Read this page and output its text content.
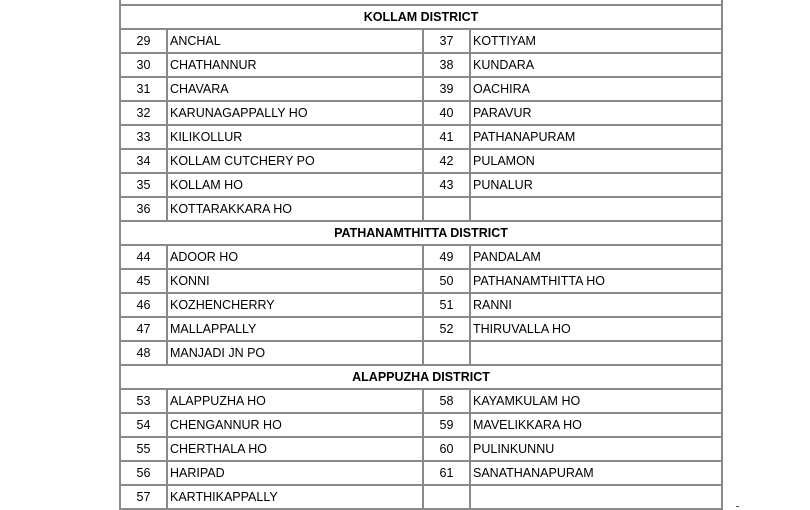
KOLLAM DISTRICT
29	ANCHAL	37	KOTTIYAM
30	CHATHANNUR	38	KUNDARA
31	CHAVARA	39	OACHIRA
32	KARUNAGAPPALLY HO	40	PARAVUR
33	KILIKOLLUR	41	PATHANAPURAM
34	KOLLAM CUTCHERY PO	42	PULAMON
35	KOLLAM HO	43	PUNALUR
36	KOTTARAKKARA HO
PATHANAMTHITTA DISTRICT
44	ADOOR HO	49	PANDALAM
45	KONNI	50	PATHANAMTHITTA HO
46	KOZHENCHERRY	51	RANNI
47	MALLAPPALLY	52	THIRUVALLA HO
48	MANJADI JN PO
ALAPPUZHA DISTRICT
53	ALAPPUZHA HO	58	KAYAMKULAM HO
54	CHENGANNUR HO	59	MAVELIKKARA HO
55	CHERTHALA HO	60	PULINKUNNU
56	HARIPAD	61	SANATHANAPURAM
57	KARTHIKAPPALLY
